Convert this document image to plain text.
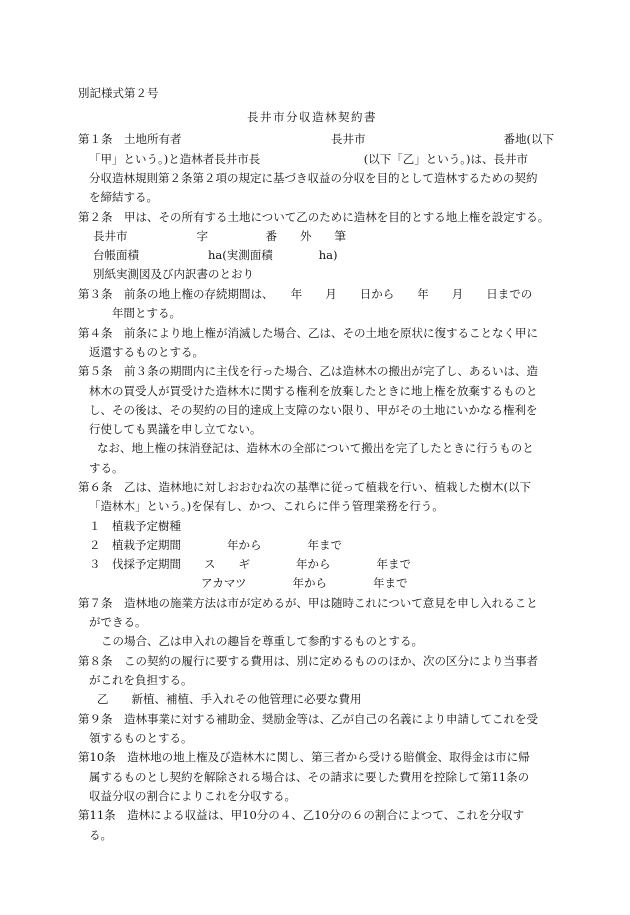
別記様式第２号
長井市分収造林契約書
第１条　土地所有者　　　　　　　　　　　　　長井市　　　　　　　　　　　　番地(以下
「甲」という。)と造林者長井市長　　　　　　　　　(以下「乙」という。)は、長井市
分収造林規則第２条第２項の規定に基づき収益の分収を目的として造林するための契約
を締結する。
第２条　甲は、その所有する土地について乙のために造林を目的とする地上権を設定する。
長井市　　　　　　字　　　　　番　　外　　筆
台帳面積　　　　　　ha(実測面積　　　　ha)
別紙実測図及び内訳書のとおり
第３条　前条の地上権の存続期間は、　　年　　月　　日から　　年　　月　　日までの
年間とする。
第４条　前条により地上権が消滅した場合、乙は、その土地を原状に復することなく甲に
返還するものとする。
第５条　前３条の期間内に主伐を行った場合、乙は造林木の搬出が完了し、あるいは、造
林木の買受人が買受けた造林木に関する権利を放棄したときに地上権を放棄するものと
し、その後は、その契約の目的達成上支障のない限り、甲がその土地にいかなる権利を
行使しても異議を申し立てない。
なお、地上権の抹消登記は、造林木の全部について搬出を完了したときに行うものと
する。
第６条　乙は、造林地に対しおおむね次の基準に従って植栽を行い、植栽した樹木(以下
「造林木」という。)を保有し、かつ、これらに伴う管理業務を行う。
１　植栽予定樹種
２　植栽予定期間　　　　年から　　　　年まで
３　伐採予定期間　　ス　　ギ　　　　年から　　　　年まで
アカマツ　　　　年から　　　　年まで
第７条　造林地の施業方法は市が定めるが、甲は随時これについて意見を申し入れること
ができる。
この場合、乙は申入れの趣旨を尊重して参酌するものとする。
第８条　この契約の履行に要する費用は、別に定めるもののほか、次の区分により当事者
がこれを負担する。
乙　　新植、補植、手入れその他管理に必要な費用
第９条　造林事業に対する補助金、奨励金等は、乙が自己の名義により申請してこれを受
領するものとする。
第10条　造林地の地上権及び造林木に関し、第三者から受ける賠償金、取得金は市に帰
属するものとし契約を解除される場合は、その請求に要した費用を控除して第11条の
収益分収の割合によりこれを分収する。
第11条　造林による収益は、甲10分の４、乙10分の６の割合によつて、これを分収す
る。
